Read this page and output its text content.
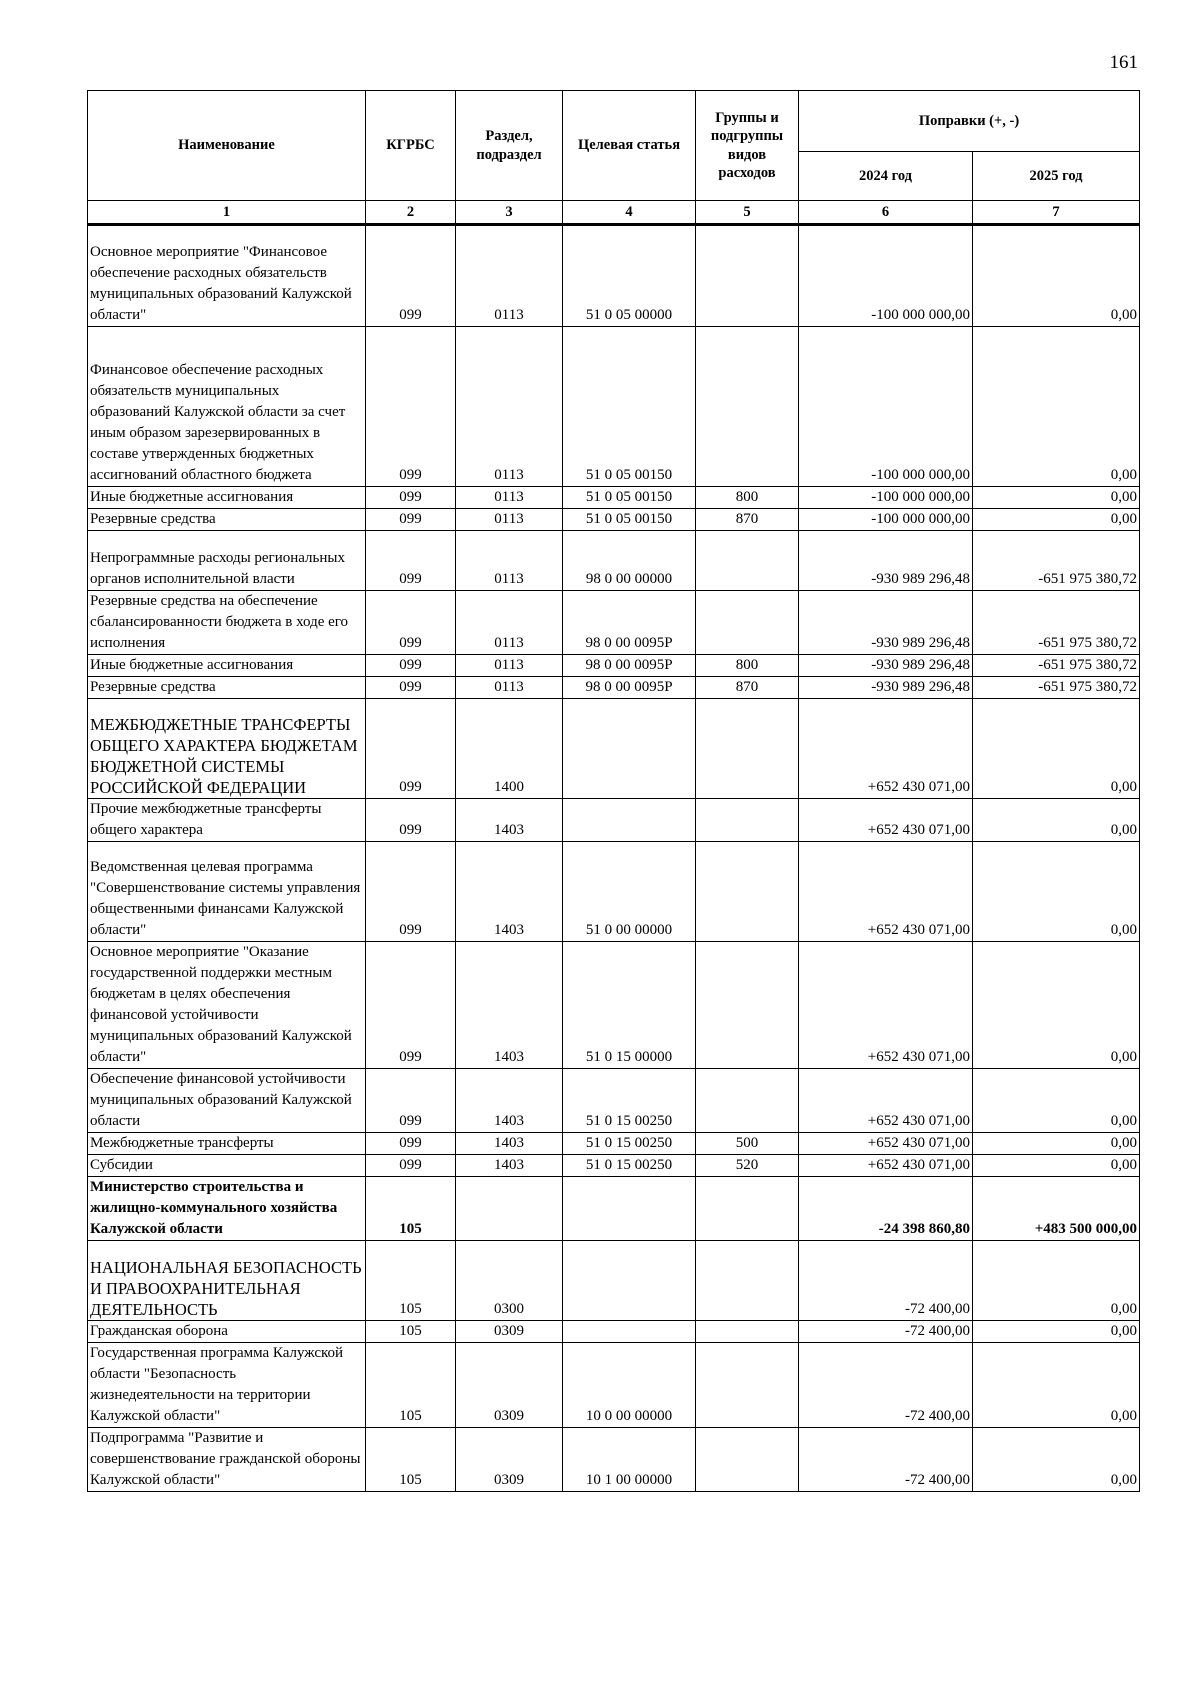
161
Наименование	КГРБС	Раздел, подраздел	Целевая статья	Группы и подгруппы видов расходов	Поправки (+, -)	
					2024 год	2025 год
1	2	3	4	5	6	7
Основное мероприятие "Финансовое обеспечение расходных обязательств муниципальных образований Калужской области"	099	0113	51 0 05 00000		-100 000 000,00	0,00
Финансовое обеспечение расходных обязательств муниципальных образований Калужской области за счет иным образом зарезервированных в составе утвержденных бюджетных ассигнований областного бюджета	099	0113	51 0 05 00150		-100 000 000,00	0,00
Иные бюджетные ассигнования	099	0113	51 0 05 00150	800	-100 000 000,00	0,00
Резервные средства	099	0113	51 0 05 00150	870	-100 000 000,00	0,00
Непрограммные расходы региональных органов исполнительной власти	099	0113	98 0 00 00000		-930 989 296,48	-651 975 380,72
Резервные средства на обеспечение сбалансированности бюджета в ходе его исполнения	099	0113	98 0 00 0095P		-930 989 296,48	-651 975 380,72
Иные бюджетные ассигнования	099	0113	98 0 00 0095P	800	-930 989 296,48	-651 975 380,72
Резервные средства	099	0113	98 0 00 0095P	870	-930 989 296,48	-651 975 380,72
МЕЖБЮДЖЕТНЫЕ ТРАНСФЕРТЫ ОБЩЕГО ХАРАКТЕРА БЮДЖЕТАМ БЮДЖЕТНОЙ СИСТЕМЫ РОССИЙСКОЙ ФЕДЕРАЦИИ	099	1400			+652 430 071,00	0,00
Прочие межбюджетные трансферты общего характера	099	1403			+652 430 071,00	0,00
Ведомственная целевая программа "Совершенствование системы управления общественными финансами Калужской области"	099	1403	51 0 00 00000		+652 430 071,00	0,00
Основное мероприятие "Оказание государственной поддержки местным бюджетам в целях обеспечения финансовой устойчивости муниципальных образований Калужской области"	099	1403	51 0 15 00000		+652 430 071,00	0,00
Обеспечение финансовой устойчивости муниципальных образований Калужской области	099	1403	51 0 15 00250		+652 430 071,00	0,00
Межбюджетные трансферты	099	1403	51 0 15 00250	500	+652 430 071,00	0,00
Субсидии	099	1403	51 0 15 00250	520	+652 430 071,00	0,00
Министерство строительства и жилищно-коммунального хозяйства Калужской области	105				-24 398 860,80	+483 500 000,00
НАЦИОНАЛЬНАЯ БЕЗОПАСНОСТЬ И ПРАВООХРАНИТЕЛЬНАЯ ДЕЯТЕЛЬНОСТЬ	105	0300			-72 400,00	0,00
Гражданская оборона	105	0309			-72 400,00	0,00
Государственная программа Калужской области "Безопасность жизнедеятельности на территории Калужской области"	105	0309	10 0 00 00000		-72 400,00	0,00
Подпрограмма "Развитие и совершенствование гражданской обороны Калужской области"	105	0309	10 1 00 00000		-72 400,00	0,00
